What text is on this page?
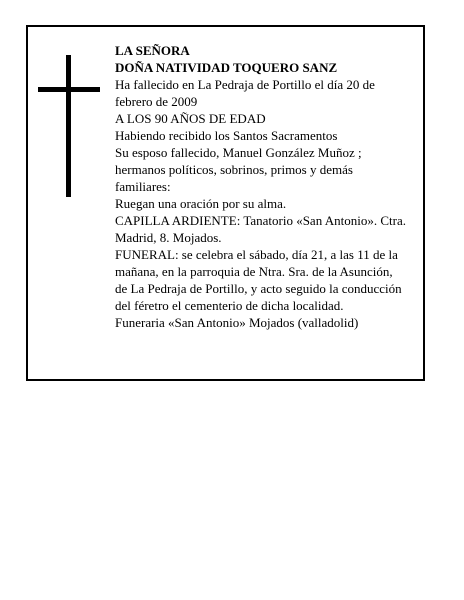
LA SEÑORA
DOÑA NATIVIDAD TOQUERO SANZ
Ha fallecido en La Pedraja de Portillo el día 20 de
febrero de 2009
A LOS 90 AÑOS DE EDAD
Habiendo recibido los Santos Sacramentos
Su esposo fallecido, Manuel González Muñoz ;
hermanos políticos, sobrinos, primos y demás
familiares:
Ruegan una oración por su alma.
CAPILLA ARDIENTE: Tanatorio «San Antonio». Ctra.
Madrid, 8. Mojados.
FUNERAL: se celebra el sábado, día 21, a las 11 de la
mañana, en la parroquia de Ntra. Sra. de la Asunción,
de La Pedraja de Portillo, y acto seguido la conducción
del féretro el cementerio de dicha localidad.
Funeraria «San Antonio» Mojados (valladolid)
